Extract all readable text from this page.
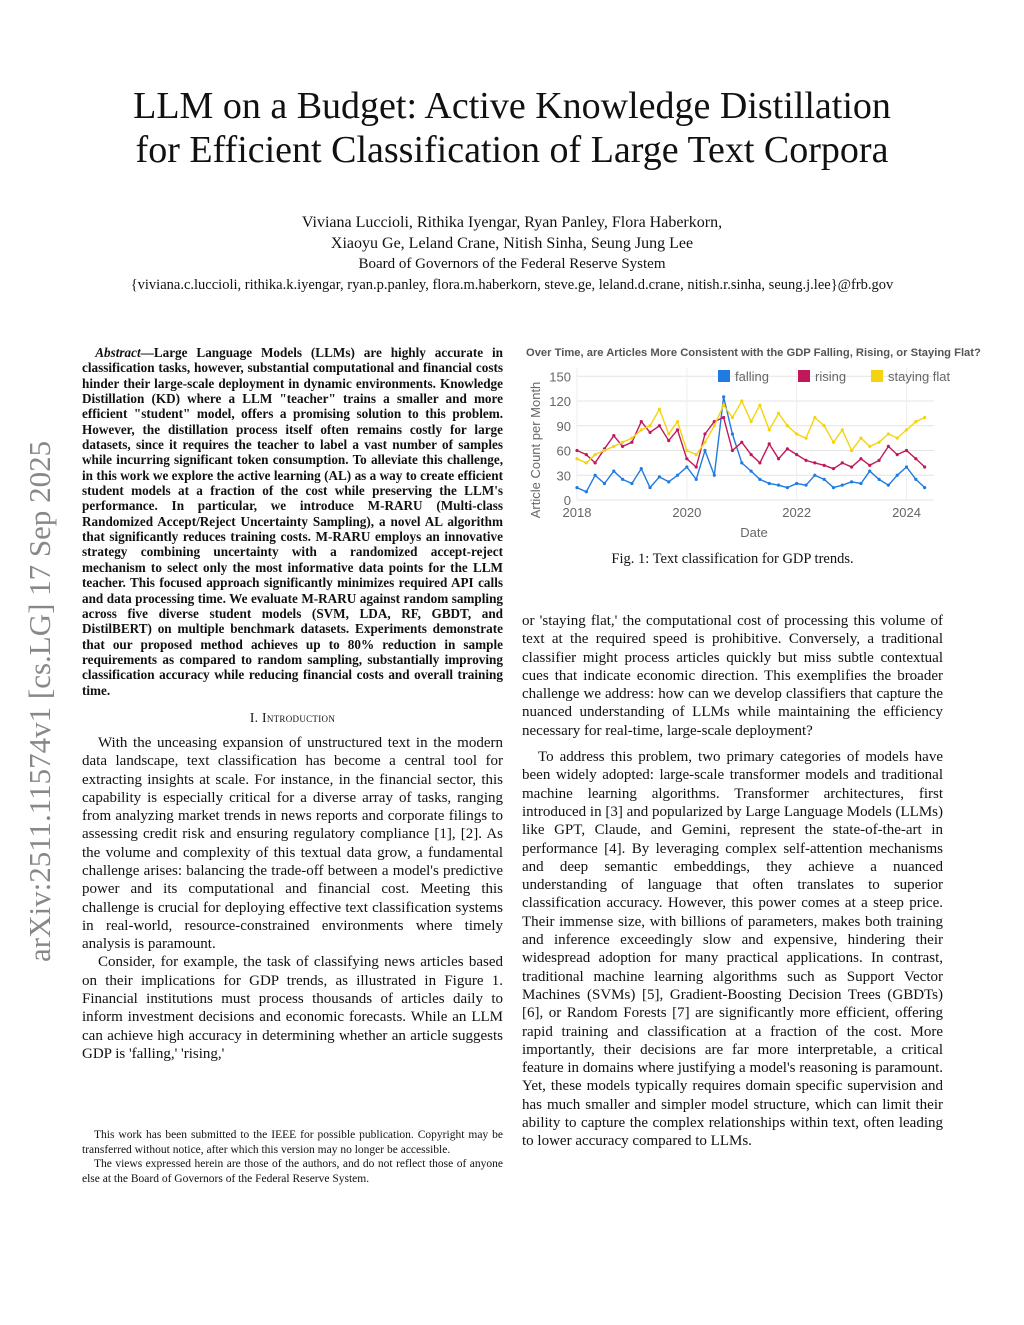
arXiv:2511.11574v1 [cs.LG] 17 Sep 2025
LLM on a Budget: Active Knowledge Distillation
for Efficient Classification of Large Text Corpora
Viviana Luccioli, Rithika Iyengar, Ryan Panley, Flora Haberkorn,
Xiaoyu Ge, Leland Crane, Nitish Sinha, Seung Jung Lee
Board of Governors of the Federal Reserve System
{viviana.c.luccioli, rithika.k.iyengar, ryan.p.panley, flora.m.haberkorn, steve.ge, leland.d.crane, nitish.r.sinha, seung.j.lee}@frb.gov

 Abstract—Large Language Models (LLMs) are highly accurate in classification tasks, however, substantial computational and financial costs hinder their large-scale deployment in dynamic environments. Knowledge Distillation (KD) where a LLM "teacher" trains a smaller and more efficient "student" model, offers a promising solution to this problem. However, the distillation process itself often remains costly for large datasets, since it requires the teacher to label a vast number of samples while incurring significant token consumption. To alleviate this challenge, in this work we explore the active learning (AL) as a way to create efficient student models at a fraction of the cost while preserving the LLM's performance. In particular, we introduce M-RARU (Multi-class Randomized Accept/Reject Uncertainty Sampling), a novel AL algorithm that significantly reduces training costs. M-RARU employs an innovative strategy combining uncertainty with a randomized accept-reject mechanism to select only the most informative data points for the LLM teacher. This focused approach significantly minimizes required API calls and data processing time. We evaluate M-RARU against random sampling across five diverse student models (SVM, LDA, RF, GBDT, and DistilBERT) on multiple benchmark datasets. Experiments demonstrate that our proposed method achieves up to 80% reduction in sample requirements as compared to random sampling, substantially improving classification accuracy while reducing financial costs and overall training time.

I. Introduction

With the unceasing expansion of unstructured text in the modern data landscape, text classification has become a central tool for extracting insights at scale. For instance, in the financial sector, this capability is especially critical for a diverse array of tasks, ranging from analyzing market trends in news reports and corporate filings to assessing credit risk and ensuring regulatory compliance [1], [2]. As the volume and complexity of this textual data grow, a fundamental challenge arises: balancing the trade-off between a model's predictive power and its computational and financial cost. Meeting this challenge is crucial for deploying effective text classification systems in real-world, resource-constrained environments where timely analysis is paramount.

Consider, for example, the task of classifying news articles based on their implications for GDP trends, as illustrated in Figure 1. Financial institutions must process thousands of articles daily to inform investment decisions and economic forecasts. While an LLM can achieve high accuracy in determining whether an article suggests GDP is 'falling,' 'rising,'

This work has been submitted to the IEEE for possible publication. Copyright may be transferred without notice, after which this version may no longer be accessible.

The views expressed herein are those of the authors, and do not reflect those of anyone else at the Board of Governors of the Federal Reserve System.

Over Time, are Articles More Consistent with the GDP Falling, Rising, or Staying Flat?
0
30
60
90
120
150
2018	2020	2022	2024
falling	rising	staying flat
Article Count per Month
Date
Fig. 1: Text classification for GDP trends.

or 'staying flat,' the computational cost of processing this volume of text at the required speed is prohibitive. Conversely, a traditional classifier might process articles quickly but miss subtle contextual cues that indicate economic direction. This exemplifies the broader challenge we address: how can we develop classifiers that capture the nuanced understanding of LLMs while maintaining the efficiency necessary for real-time, large-scale deployment?

To address this problem, two primary categories of models have been widely adopted: large-scale transformer models and traditional machine learning algorithms. Transformer architectures, first introduced in [3] and popularized by Large Language Models (LLMs) like GPT, Claude, and Gemini, represent the state-of-the-art in performance [4]. By leveraging complex self-attention mechanisms and deep semantic embeddings, they achieve a nuanced understanding of language that often translates to superior classification accuracy. However, this power comes at a steep price. Their immense size, with billions of parameters, makes both training and inference exceedingly slow and expensive, hindering their widespread adoption for many practical applications. In contrast, traditional machine learning algorithms such as Support Vector Machines (SVMs) [5], Gradient-Boosting Decision Trees (GBDTs) [6], or Random Forests [7] are significantly more efficient, offering rapid training and classification at a fraction of the cost. More importantly, their decisions are far more interpretable, a critical feature in domains where justifying a model's reasoning is paramount. Yet, these models typically requires domain specific supervision and has much smaller and simpler model structure, which can limit their ability to capture the complex relationships within text, often leading to lower accuracy compared to LLMs.
